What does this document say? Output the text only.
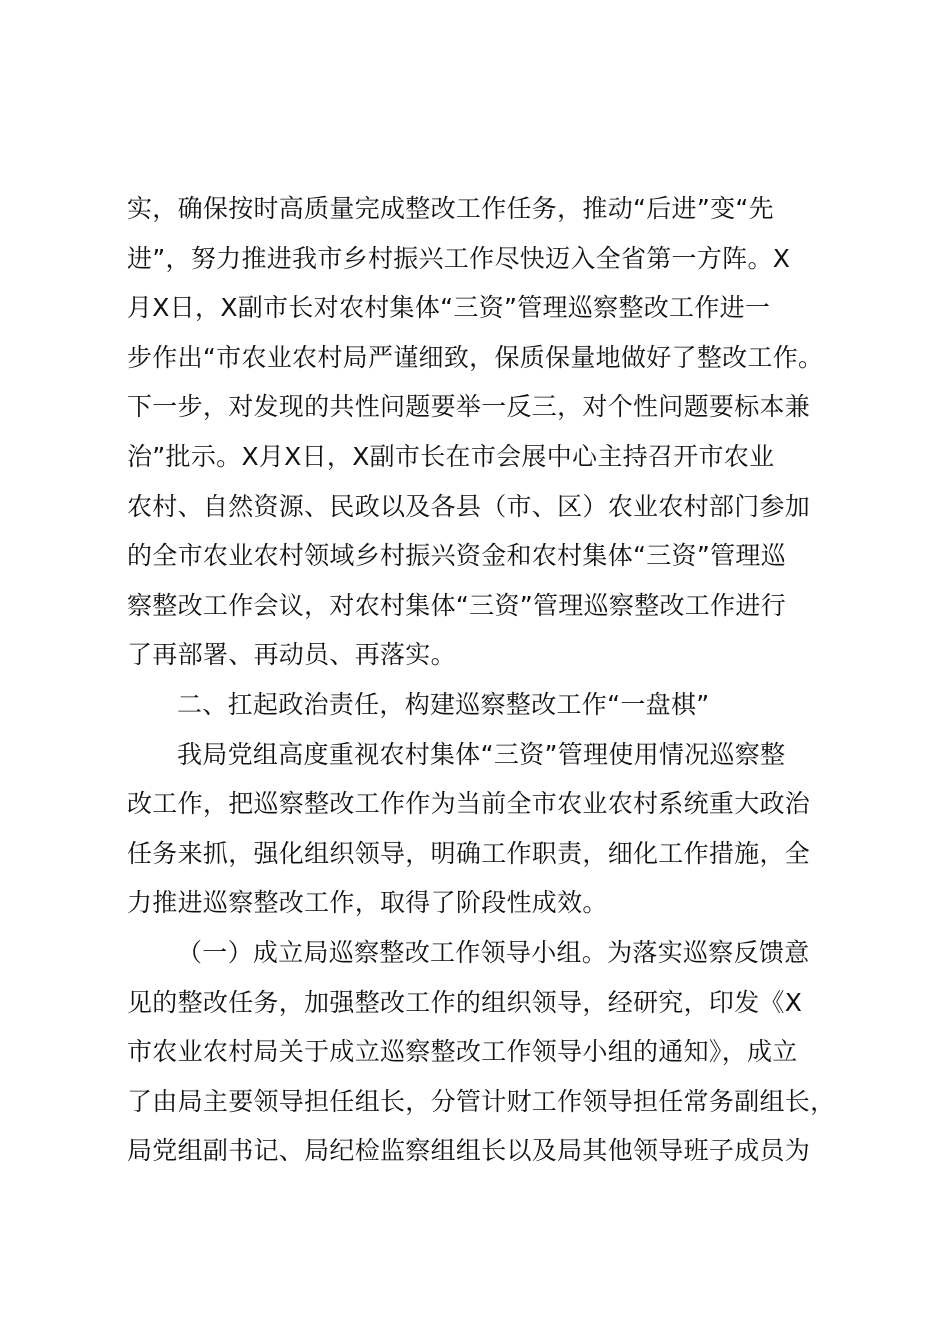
实，确保按时高质量完成整改工作任务，推动“后进”变“先
进”，努力推进我市乡村振兴工作尽快迈入全省第一方阵。X
月X日，X副市长对农村集体“三资”管理巡察整改工作进一
步作出“市农业农村局严谨细致，保质保量地做好了整改工作。
下一步，对发现的共性问题要举一反三，对个性问题要标本兼
治”批示。X月X日，X副市长在市会展中心主持召开市农业
农村、自然资源、民政以及各县（市、区）农业农村部门参加
的全市农业农村领域乡村振兴资金和农村集体“三资”管理巡
察整改工作会议，对农村集体“三资”管理巡察整改工作进行
了再部署、再动员、再落实。
二、扛起政治责任，构建巡察整改工作“一盘棋”
我局党组高度重视农村集体“三资”管理使用情况巡察整
改工作，把巡察整改工作作为当前全市农业农村系统重大政治
任务来抓，强化组织领导，明确工作职责，细化工作措施，全
力推进巡察整改工作，取得了阶段性成效。
（一）成立局巡察整改工作领导小组。为落实巡察反馈意
见的整改任务，加强整改工作的组织领导，经研究，印发《X
市农业农村局关于成立巡察整改工作领导小组的通知》，成立
了由局主要领导担任组长，分管计财工作领导担任常务副组长，
局党组副书记、局纪检监察组组长以及局其他领导班子成员为
